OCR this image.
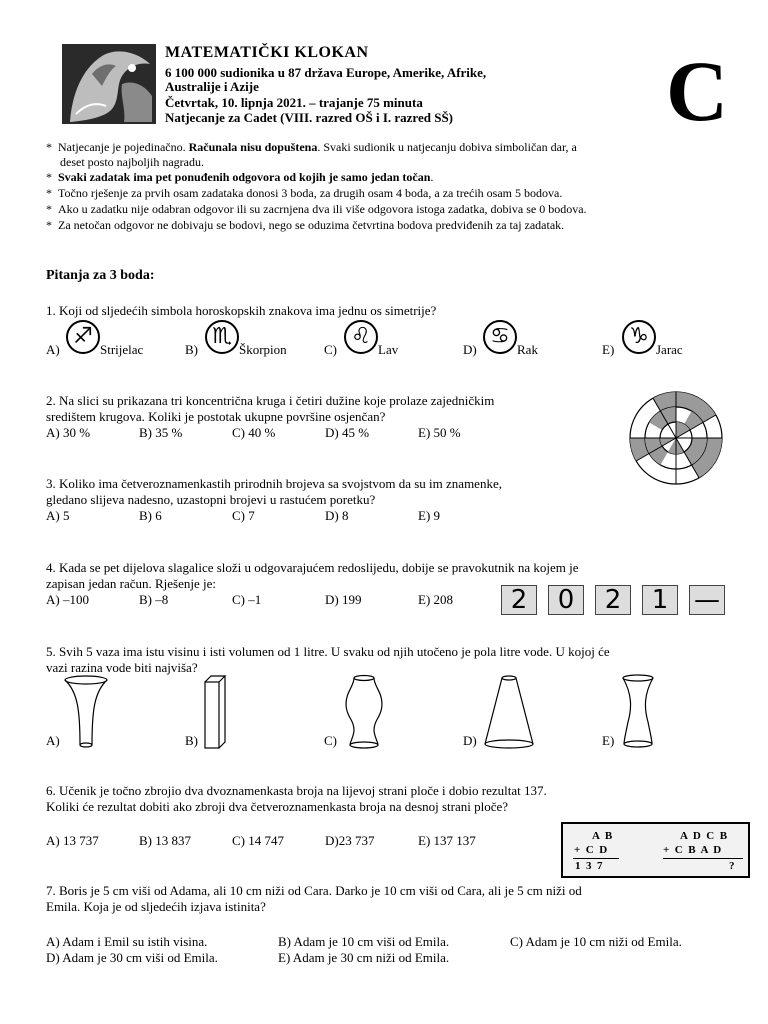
MATEMATIČKI KLOKAN
6 100 000 sudionika u 87 država Europe, Amerike, Afrike,
Australije i Azije
Četvrtak, 10. lipnja 2021. – trajanje 75 minuta
Natjecanje za Cadet (VIII. razred OŠ i I. razred SŠ) C
* Natjecanje je pojedinačno. Računala nisu dopuštena. Svaki sudionik u natjecanju dobiva simboličan dar, a
deset posto najboljih nagradu.
* Svaki zadatak ima pet ponuđenih odgovora od kojih je samo jedan točan.
* Točno rješenje za prvih osam zadataka donosi 3 boda, za drugih osam 4 boda, a za trećih osam 5 bodova.
* Ako u zadatku nije odabran odgovor ili su zacrnjena dva ili više odgovora istoga zadatka, dobiva se 0 bodova.
* Za netočan odgovor ne dobivaju se bodovi, nego se oduzima četvrtina bodova predviđenih za taj zadatak.
Pitanja za 3 boda:
1. Koji od sljedećih simbola horoskopskih znakova ima jednu os simetrije?
A)
♐
Strijelac	B)
♏
Škorpion	C)
♌
Lav	D)
♋
Rak	E)
♑
Jarac
2. Na slici su prikazana tri koncentrična kruga i četiri dužine koje prolaze zajedničkim
središtem krugova. Koliki je postotak ukupne površine osjenčan?
A) 30 %	B) 35 %	C) 40 %	D) 45 %	E) 50 %
3. Koliko ima četveroznamenkastih prirodnih brojeva sa svojstvom da su im znamenke,
gledano slijeva nadesno, uzastopni brojevi u rastućem poretku?
A) 5	B) 6	C) 7	D) 8	E) 9
4. Kada se pet dijelova slagalice složi u odgovarajućem redoslijedu, dobije se pravokutnik na kojem je
zapisan jedan račun. Rješenje je:
A) –100	B) –8	C) –1	D) 199	E) 208	2	0	2	1 —
5. Svih 5 vaza ima istu visinu i isti volumen od 1 litre. U svaku od njih utočeno je pola litre vode. U kojoj će
vazi razina vode biti najviša?
A)	B)	C)	D)	E)
6. Učenik je točno zbrojio dva dvoznamenkasta broja na lijevoj strani ploče i dobio rezultat 137.
Koliki će rezultat dobiti ako zbroji dva četveroznamenkasta broja na desnoj strani ploče?
A) 13 737	B) 13 837	C) 14 747	D)23 737	E) 137 137	A  B
+  C  D
1  3  7
A  D  C  B
+  C  B  A  D
?
7. Boris je 5 cm viši od Adama, ali 10 cm niži od Cara. Darko je 10 cm viši od Cara, ali je 5 cm niži od
Emila. Koja je od sljedećih izjava istinita?
A) Adam i Emil su istih visina.	B) Adam je 10 cm viši od Emila.	C) Adam je 10 cm niži od Emila.
D) Adam je 30 cm viši od Emila.	E) Adam je 30 cm niži od Emila.
